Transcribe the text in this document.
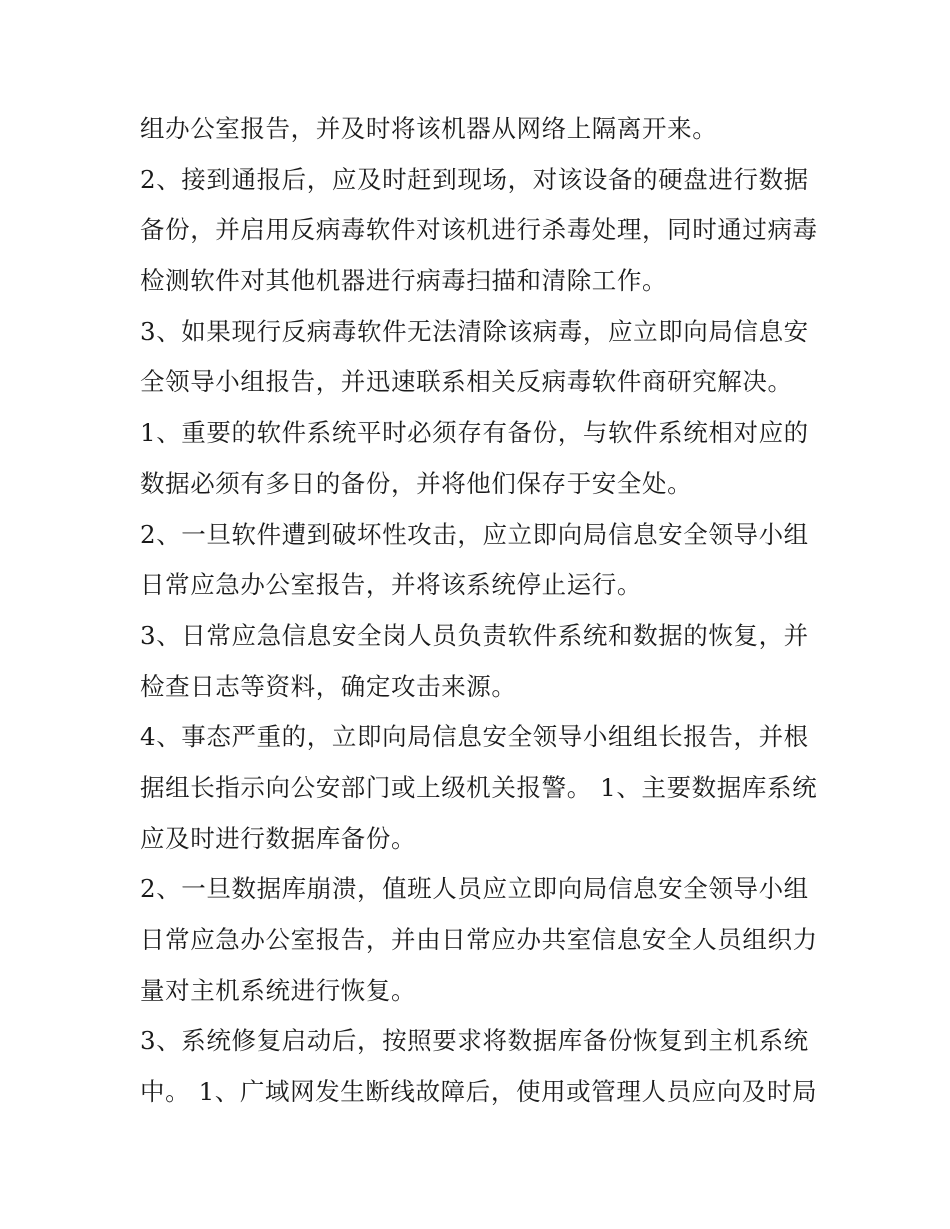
组办公室报告，并及时将该机器从网络上隔离开来。
2、接到通报后，应及时赶到现场，对该设备的硬盘进行数据
备份，并启用反病毒软件对该机进行杀毒处理，同时通过病毒
检测软件对其他机器进行病毒扫描和清除工作。
3、如果现行反病毒软件无法清除该病毒，应立即向局信息安
全领导小组报告，并迅速联系相关反病毒软件商研究解决。
1、重要的软件系统平时必须存有备份，与软件系统相对应的
数据必须有多日的备份，并将他们保存于安全处。
2、一旦软件遭到破坏性攻击，应立即向局信息安全领导小组
日常应急办公室报告，并将该系统停止运行。
3、日常应急信息安全岗人员负责软件系统和数据的恢复，并
检查日志等资料，确定攻击来源。
4、事态严重的，立即向局信息安全领导小组组长报告，并根
据组长指示向公安部门或上级机关报警。 1、主要数据库系统
应及时进行数据库备份。
2、一旦数据库崩溃，值班人员应立即向局信息安全领导小组
日常应急办公室报告，并由日常应办共室信息安全人员组织力
量对主机系统进行恢复。
3、系统修复启动后，按照要求将数据库备份恢复到主机系统
中。 1、广域网发生断线故障后，使用或管理人员应向及时局
